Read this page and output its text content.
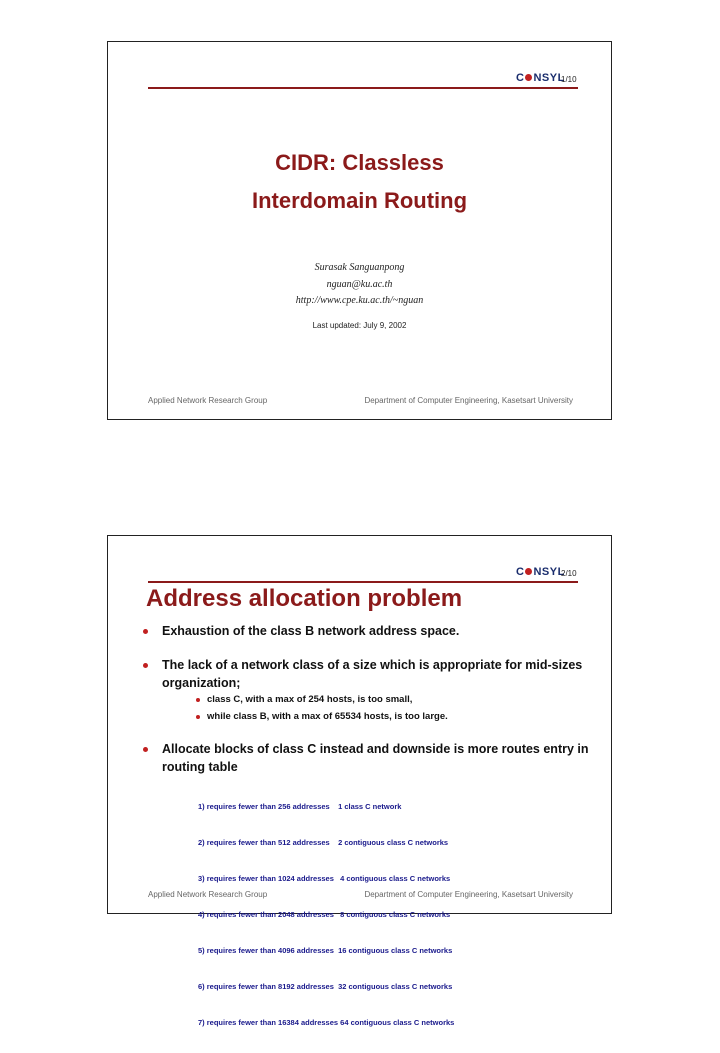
C NSYL
1/10
CIDR: Classless
Interdomain Routing
Surasak Sanguanpong
nguan@ku.ac.th
http://www.cpe.ku.ac.th/~nguan
Last updated: July 9, 2002
Applied Network Research Group	Department of Computer Engineering, Kasetsart University
C NSYL
2/10
Address allocation problem
Exhaustion of the class B network address space.
The lack of a network class of a size which is appropriate for mid-sizes organization;
class C, with a max of 254 hosts, is too small,
while class B, with a max of 65534 hosts, is too large.
Allocate blocks of class C instead and downside is more routes entry in routing table

1) requires fewer than 256 addresses    1 class C network

2) requires fewer than 512 addresses    2 contiguous class C networks

3) requires fewer than 1024 addresses   4 contiguous class C networks

4) requires fewer than 2048 addresses   8 contiguous class C networks

5) requires fewer than 4096 addresses  16 contiguous class C networks

6) requires fewer than 8192 addresses  32 contiguous class C networks

7) requires fewer than 16384 addresses 64 contiguous class C networks

Applied Network Research Group	Department of Computer Engineering, Kasetsart University
